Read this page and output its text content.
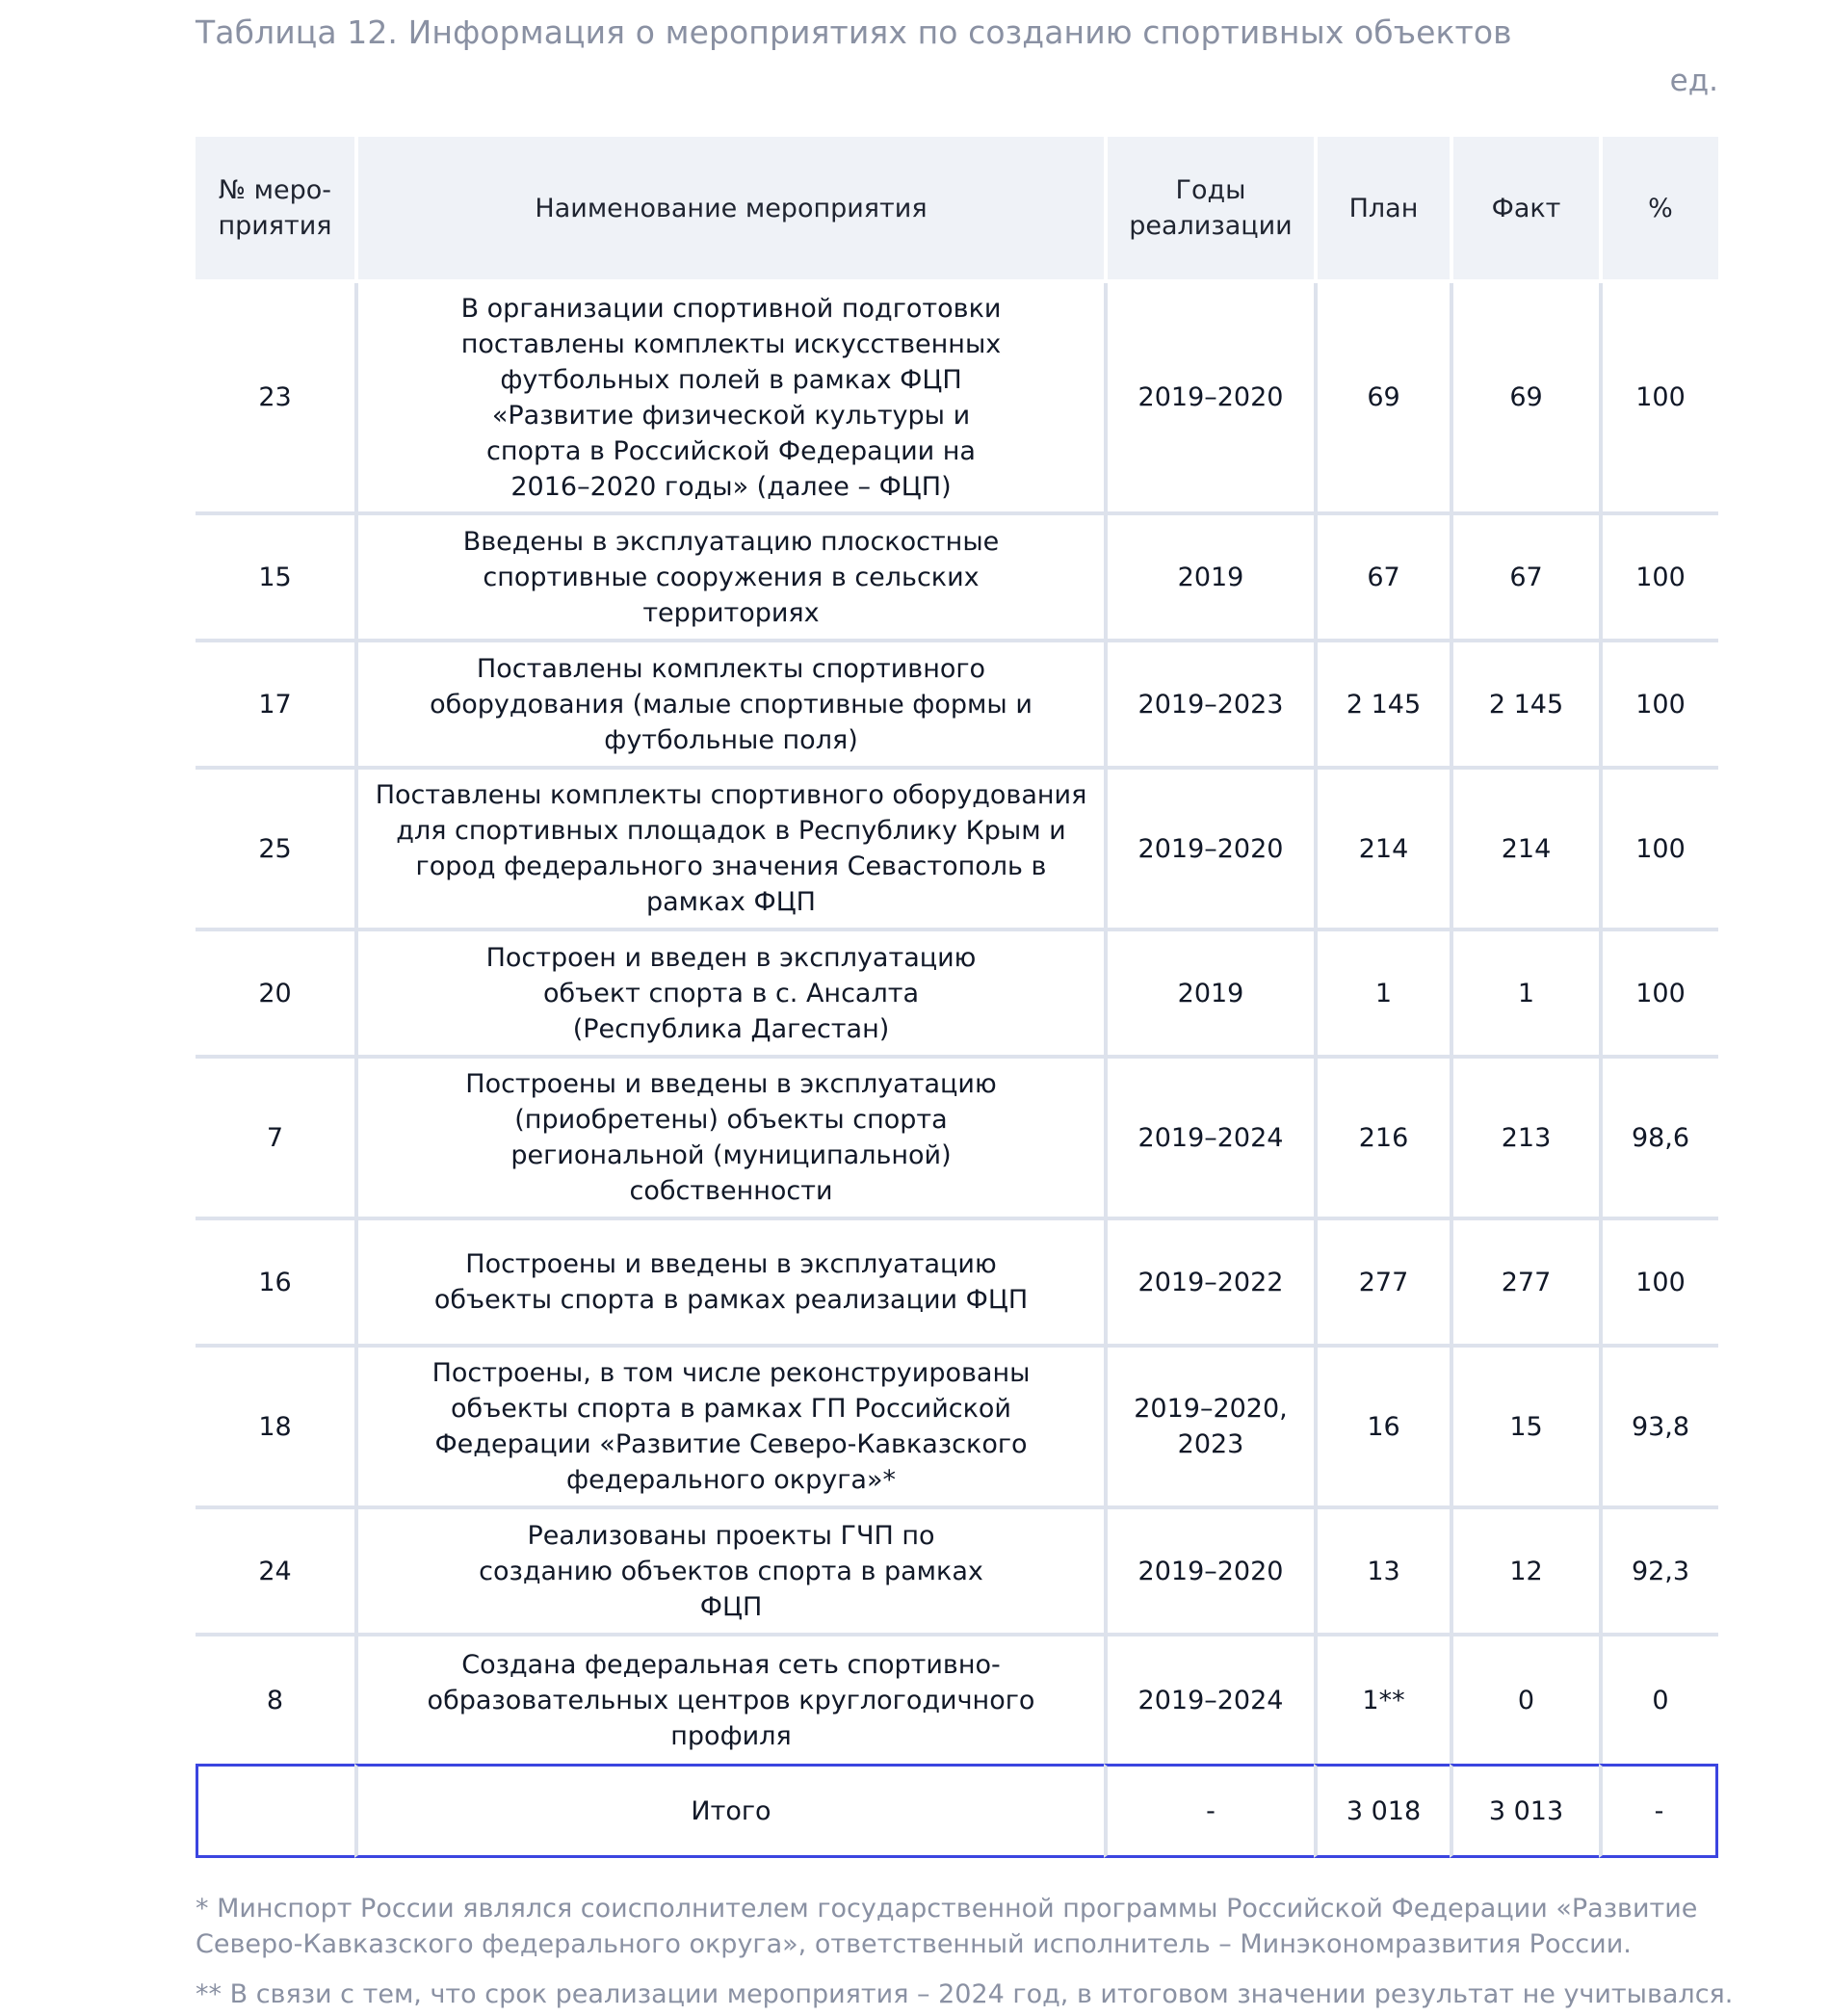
Таблица 12. Информация о мероприятиях по созданию спортивных объектов
ед.
№ меро-приятия	Наименование мероприятия	Годы реализации	План	Факт	%
23	В организации спортивной подготовки поставлены комплекты искусственных футбольных полей в рамках ФЦП «Развитие физической культуры и спорта в Российской Федерации на 2016–2020 годы» (далее – ФЦП)	2019–2020	69	69	100
15	Введены в эксплуатацию плоскостные спортивные сооружения в сельских территориях	2019	67	67	100
17	Поставлены комплекты спортивного оборудования (малые спортивные формы и футбольные поля)	2019–2023	2 145	2 145	100
25	Поставлены комплекты спортивного оборудования для спортивных площадок в Республику Крым и город федерального значения Севастополь в рамках ФЦП	2019–2020	214	214	100
20	Построен и введен в эксплуатацию объект спорта в с. Ансалта (Республика Дагестан)	2019	1	1	100
7	Построены и введены в эксплуатацию (приобретены) объекты спорта региональной (муниципальной) собственности	2019–2024	216	213	98,6
16	Построены и введены в эксплуатацию объекты спорта в рамках реализации ФЦП	2019–2022	277	277	100
18	Построены, в том числе реконструированы объекты спорта в рамках ГП Российской Федерации «Развитие Северо-Кавказского федерального округа»*	2019–2020, 2023	16	15	93,8
24	Реализованы проекты ГЧП по созданию объектов спорта в рамках ФЦП	2019–2020	13	12	92,3
8	Создана федеральная сеть спортивно-образовательных центров круглогодичного профиля	2019–2024	1**	0	0
	Итого	-	3 018	3 013	-
* Минспорт России являлся соисполнителем государственной программы Российской Федерации «Развитие Северо-Кавказского федерального округа», ответственный исполнитель – Минэкономразвития России.
** В связи с тем, что срок реализации мероприятия – 2024 год, в итоговом значении результат не учитывался.
